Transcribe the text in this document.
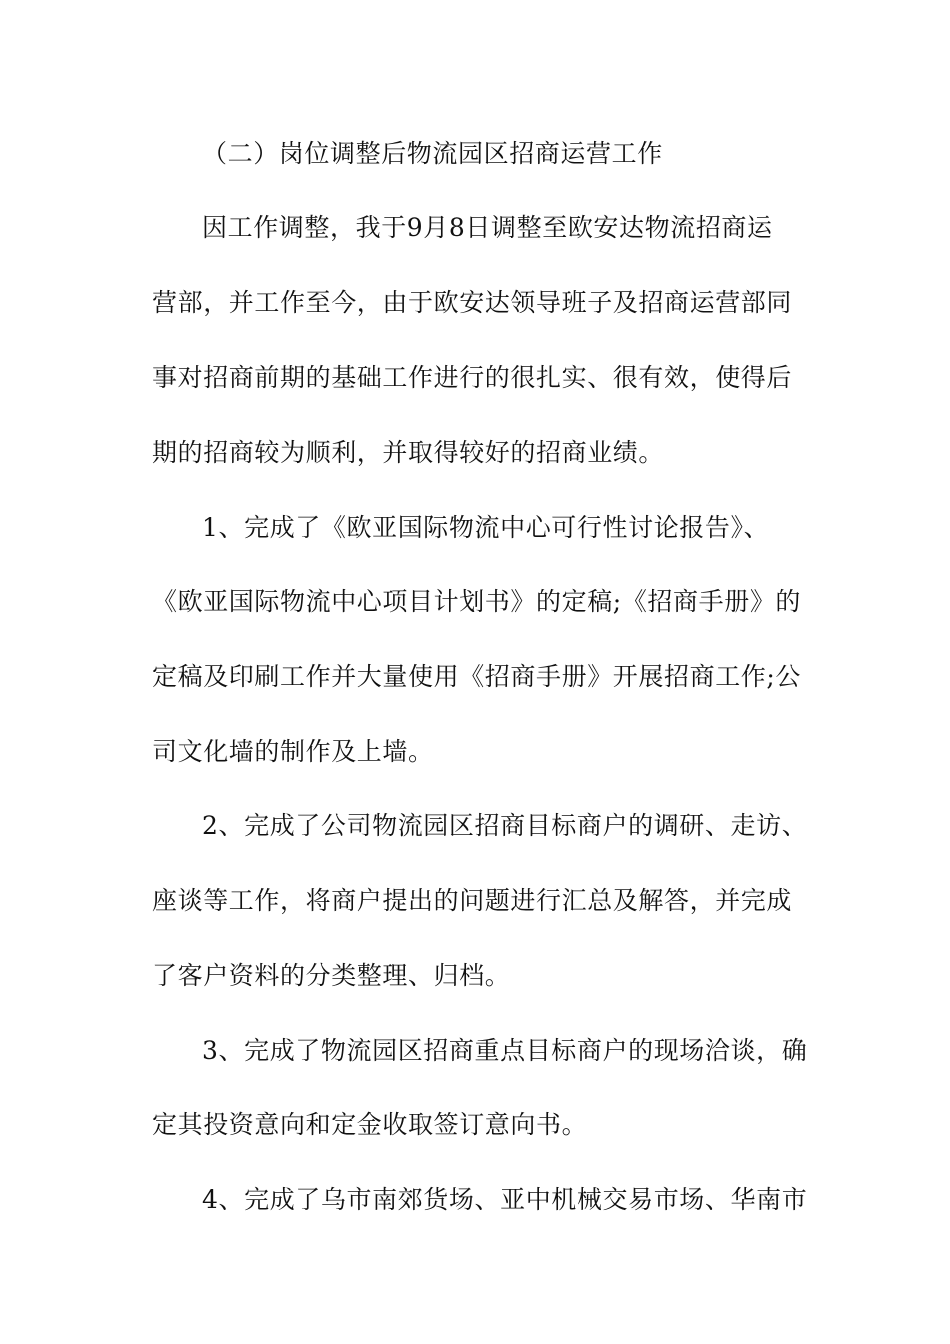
（二）岗位调整后物流园区招商运营工作
因工作调整，我于9月8日调整至欧安达物流招商运
营部，并工作至今，由于欧安达领导班子及招商运营部同
事对招商前期的基础工作进行的很扎实、很有效，使得后
期的招商较为顺利，并取得较好的招商业绩。
1、完成了《欧亚国际物流中心可行性讨论报告》、
《欧亚国际物流中心项目计划书》的定稿;《招商手册》的
定稿及印刷工作并大量使用《招商手册》开展招商工作;公
司文化墙的制作及上墙。
2、完成了公司物流园区招商目标商户的调研、走访、
座谈等工作，将商户提出的问题进行汇总及解答，并完成
了客户资料的分类整理、归档。
3、完成了物流园区招商重点目标商户的现场洽谈，确
定其投资意向和定金收取签订意向书。
4、完成了乌市南郊货场、亚中机械交易市场、华南市
